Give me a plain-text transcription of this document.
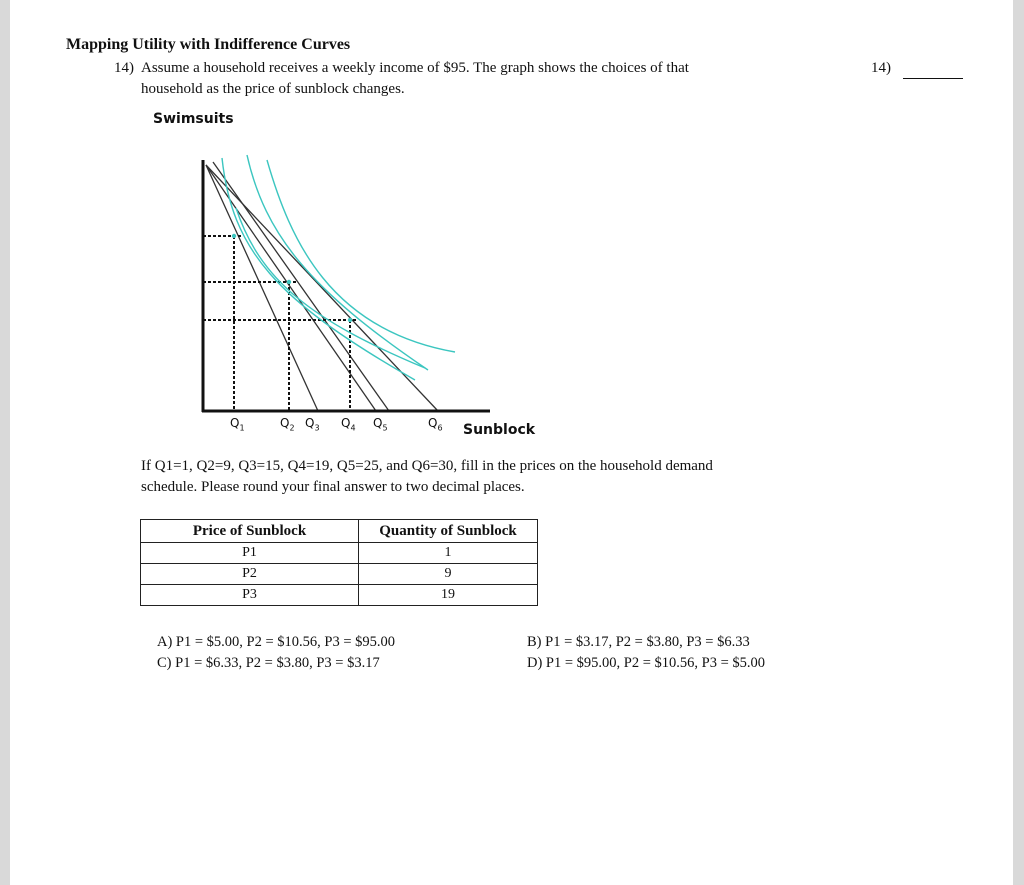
Mapping Utility with Indifference Curves
14) Assume a household receives a weekly income of $95. The graph shows the choices of that
household as the price of sunblock changes.
14)
Swimsuits
$Q_1$	$Q_2$ $Q_3$ $Q_4$ $Q_5$	$Q_6$ Sunblock
If Q1=1, Q2=9, Q3=15, Q4=19, Q5=25, and Q6=30, fill in the prices on the household demand
schedule. Please round your final answer to two decimal places.
Price of Sunblock	Quantity of Sunblock
P1	1
P2	9
P3	19
A) P1 = $5.00, P2 = $10.56, P3 = $95.00	B) P1 = $3.17, P2 = $3.80, P3 = $6.33
C) P1 = $6.33, P2 = $3.80, P3 = $3.17	D) P1 = $95.00, P2 = $10.56, P3 = $5.00
